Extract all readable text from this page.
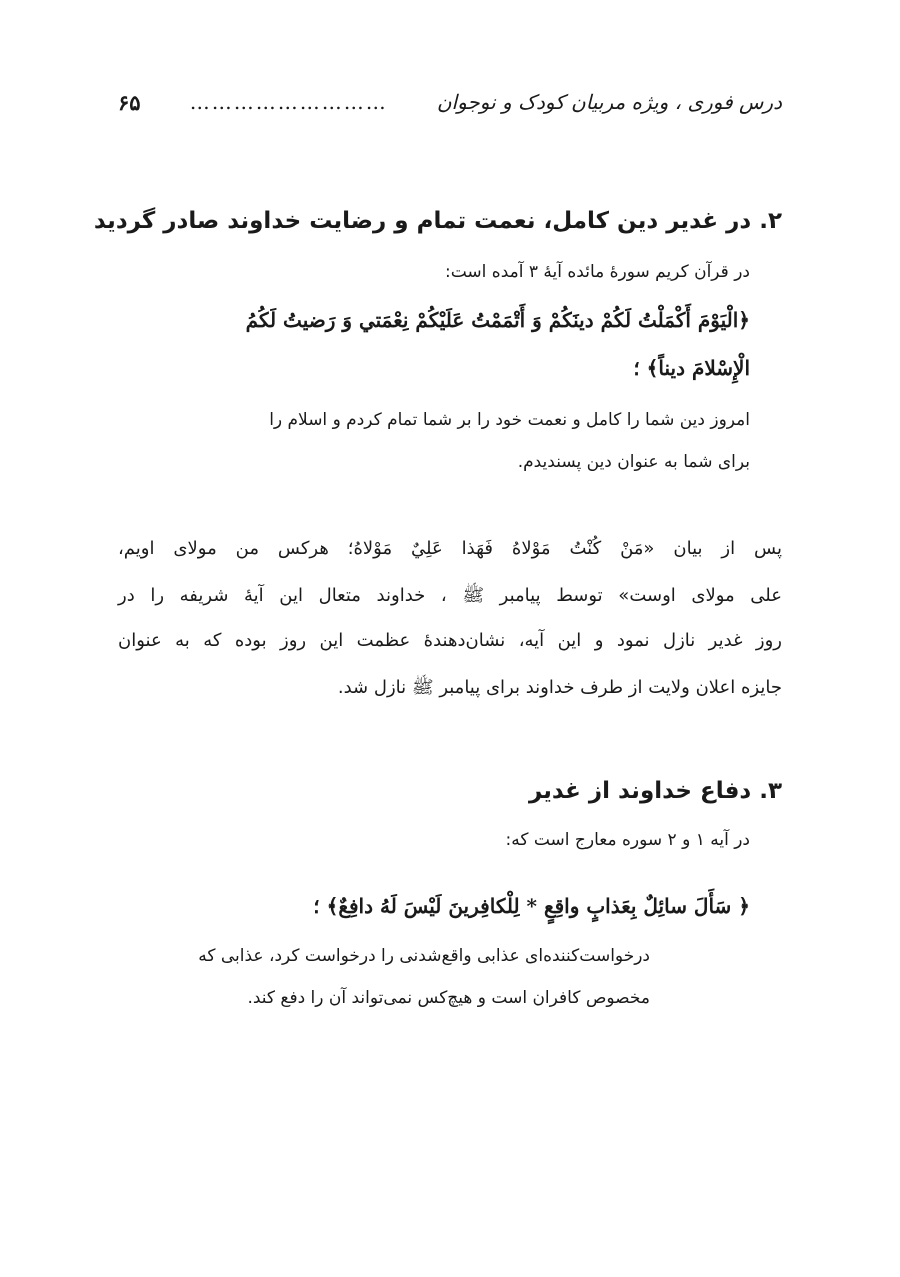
درس فوری ، ویژه مربیان کودک و نوجوان
………………………
۶۵
۲. در غدیر دین کامل، نعمت تمام و رضایت خداوند صادر گردید
در قرآن کریم سورهٔ مائده آیهٔ ۳ آمده است:
﴿الْيَوْمَ أَكْمَلْتُ لَكُمْ دينَكُمْ وَ أَتْمَمْتُ عَلَيْكُمْ نِعْمَتي وَ رَضيتُ لَكُمُ
الْإِسْلامَ ديناً﴾ ؛
امروز دین شما را کامل و نعمت خود را بر شما تمام کردم و اسلام را
برای شما به عنوان دین پسندیدم.
پس از بیان «مَنْ كُنْتُ مَوْلاهُ فَهَذا عَلِيٌ مَوْلاهُ؛ هرکس من مولای اویم،
علی مولای اوست» توسط پیامبر ﷺ ، خداوند متعال این آیهٔ شریفه را در
روز غدیر نازل نمود و این آیه، نشان‌دهندهٔ عظمت این روز بوده که به عنوان
جایزه اعلان ولایت از طرف خداوند برای پیامبر ﷺ نازل شد.
۳. دفاع خداوند از غدیر
در آیه ۱ و ۲ سوره معارج است که:
﴿ سَأَلَ سائِلٌ بِعَذابٍ واقِعٍ * لِلْكافِرينَ لَيْسَ لَهُ دافِعٌ﴾ ؛
درخواست‌کننده‌ای عذابی واقع‌شدنی را درخواست کرد، عذابی که
مخصوص کافران است و هیچ‌کس نمی‌تواند آن را دفع کند.
